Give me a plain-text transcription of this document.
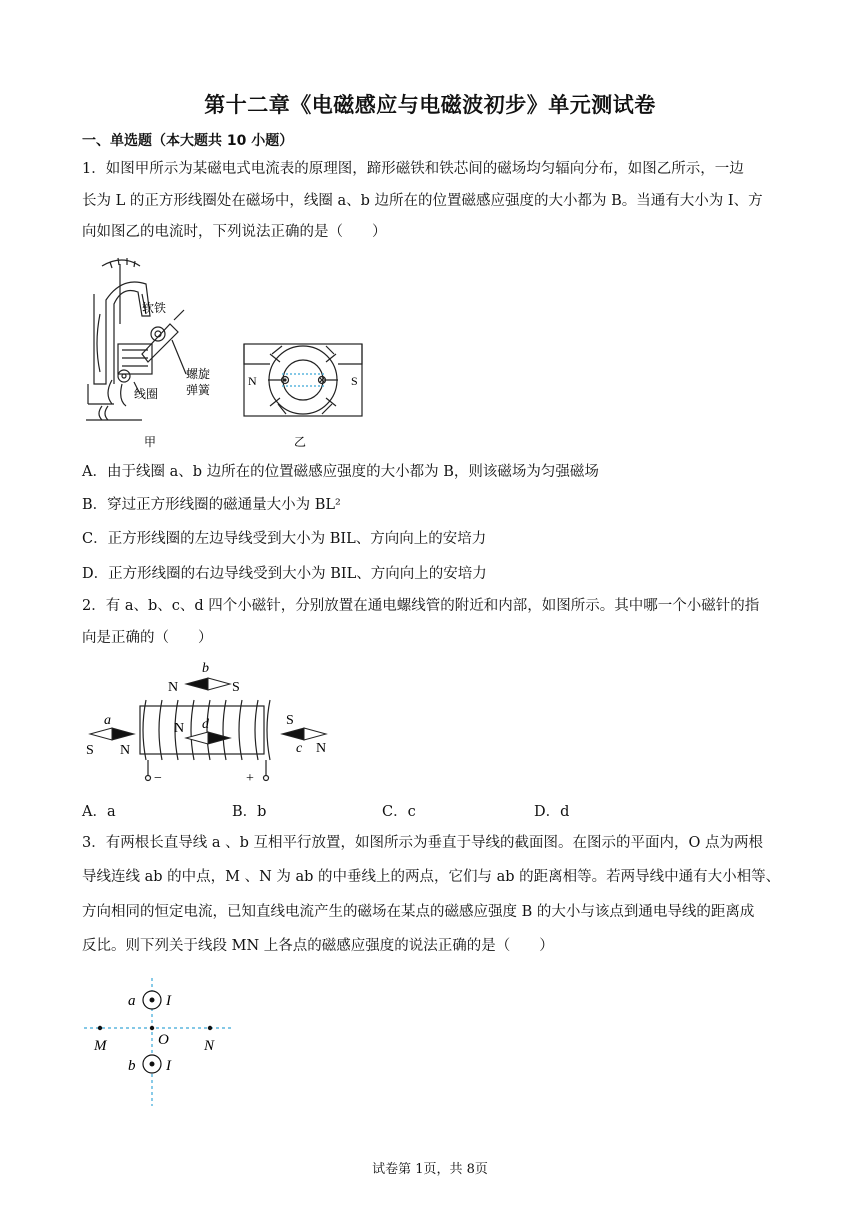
第十二章《电磁感应与电磁波初步》单元测试卷
一、单选题（本大题共 10 小题）
1．如图甲所示为某磁电式电流表的原理图，蹄形磁铁和铁芯间的磁场均匀辐向分布，如图乙所示，一边
长为 L 的正方形线圈处在磁场中，线圈 a、b 边所在的位置磁感应强度的大小都为 B。当通有大小为 I、方
向如图乙的电流时，下列说法正确的是（　　）
软铁
螺旋
弹簧
线圈
甲
N	S
乙
A．由于线圈 a、b 边所在的位置磁感应强度的大小都为 B，则该磁场为匀强磁场
B．穿过正方形线圈的磁通量大小为 BL²
C．正方形线圈的左边导线受到大小为 BIL、方向向上的安培力
D．正方形线圈的右边导线受到大小为 BIL、方向向上的安培力
2．有 a、b、c、d 四个小磁针，分别放置在通电螺线管的附近和内部，如图所示。其中哪一个小磁针的指
向是正确的（　　）
b
N	S
a
S N
N d	S
c N
−	+
A．a	B．b	C．c	D．d
3．有两根长直导线 a 、b 互相平行放置，如图所示为垂直于导线的截面图。在图示的平面内，O 点为两根
导线连线 ab 的中点，M 、N 为 ab 的中垂线上的两点，它们与 ab 的距离相等。若两导线中通有大小相等、
方向相同的恒定电流，已知直线电流产生的磁场在某点的磁感应强度 B 的大小与该点到通电导线的距离成
反比。则下列关于线段 MN 上各点的磁感应强度的说法正确的是（　　）
a I
M	O N
b I
试卷第 1页，共 8页
